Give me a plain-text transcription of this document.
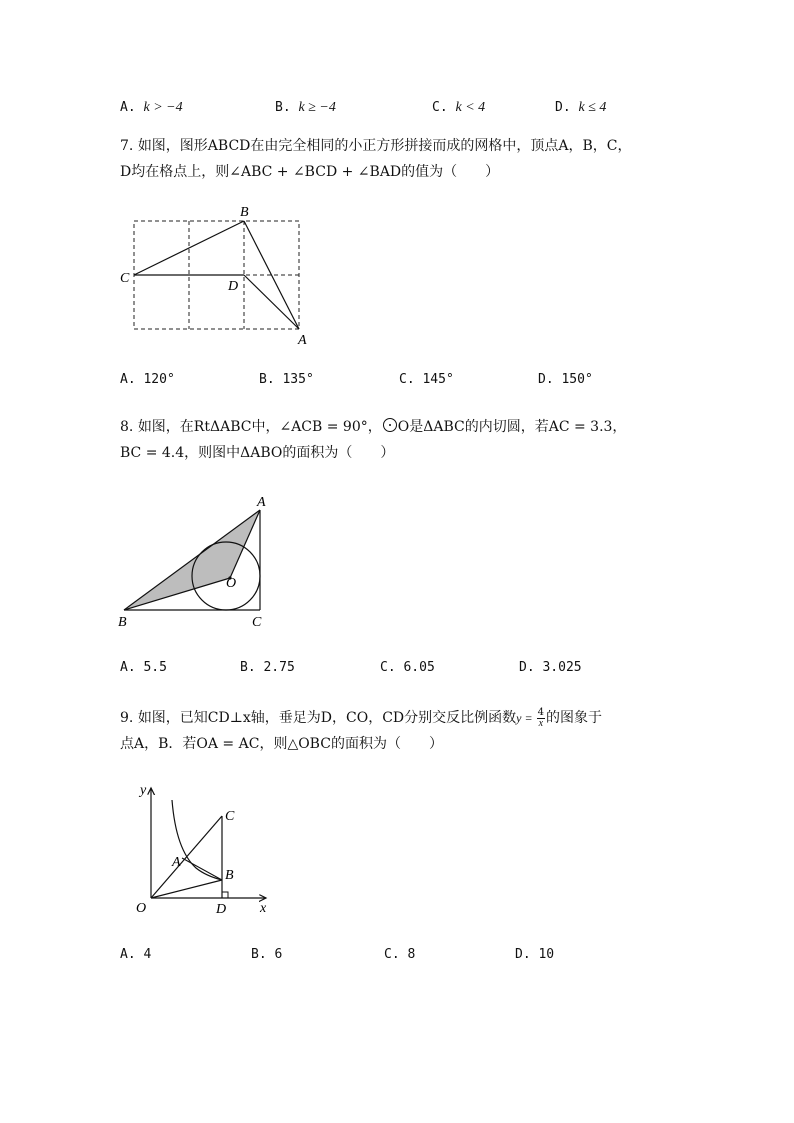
A. k > −4	B. k ≥ −4	C. k < 4	D. k ≤ 4
7. 如图，图形ABCD在由完全相同的小正方形拼接而成的网格中，顶点A，B，C，
D均在格点上，则∠ABC + ∠BCD + ∠BAD的值为（　　）
B
C
D
A
A. 120°	B. 135°	C. 145°	D. 150°
8. 如图，在RtΔABC中，∠ACB = 90°， O是ΔABC的内切圆，若AC = 3.3，
BC = 4.4，则图中ΔABO的面积为（　　）
A
B	C
O
A. 5.5	B. 2.75	C. 6.05	D. 3.025
9. 如图，已知CD⊥x轴，垂足为D，CO，CD分别交反比例函数$y = \frac{4}{x}$ 的图象于
点A，B．若OA = AC，则△OBC的面积为（　　）
y
x
O
A
B
C
D
A. 4	B. 6	C. 8	D. 10
